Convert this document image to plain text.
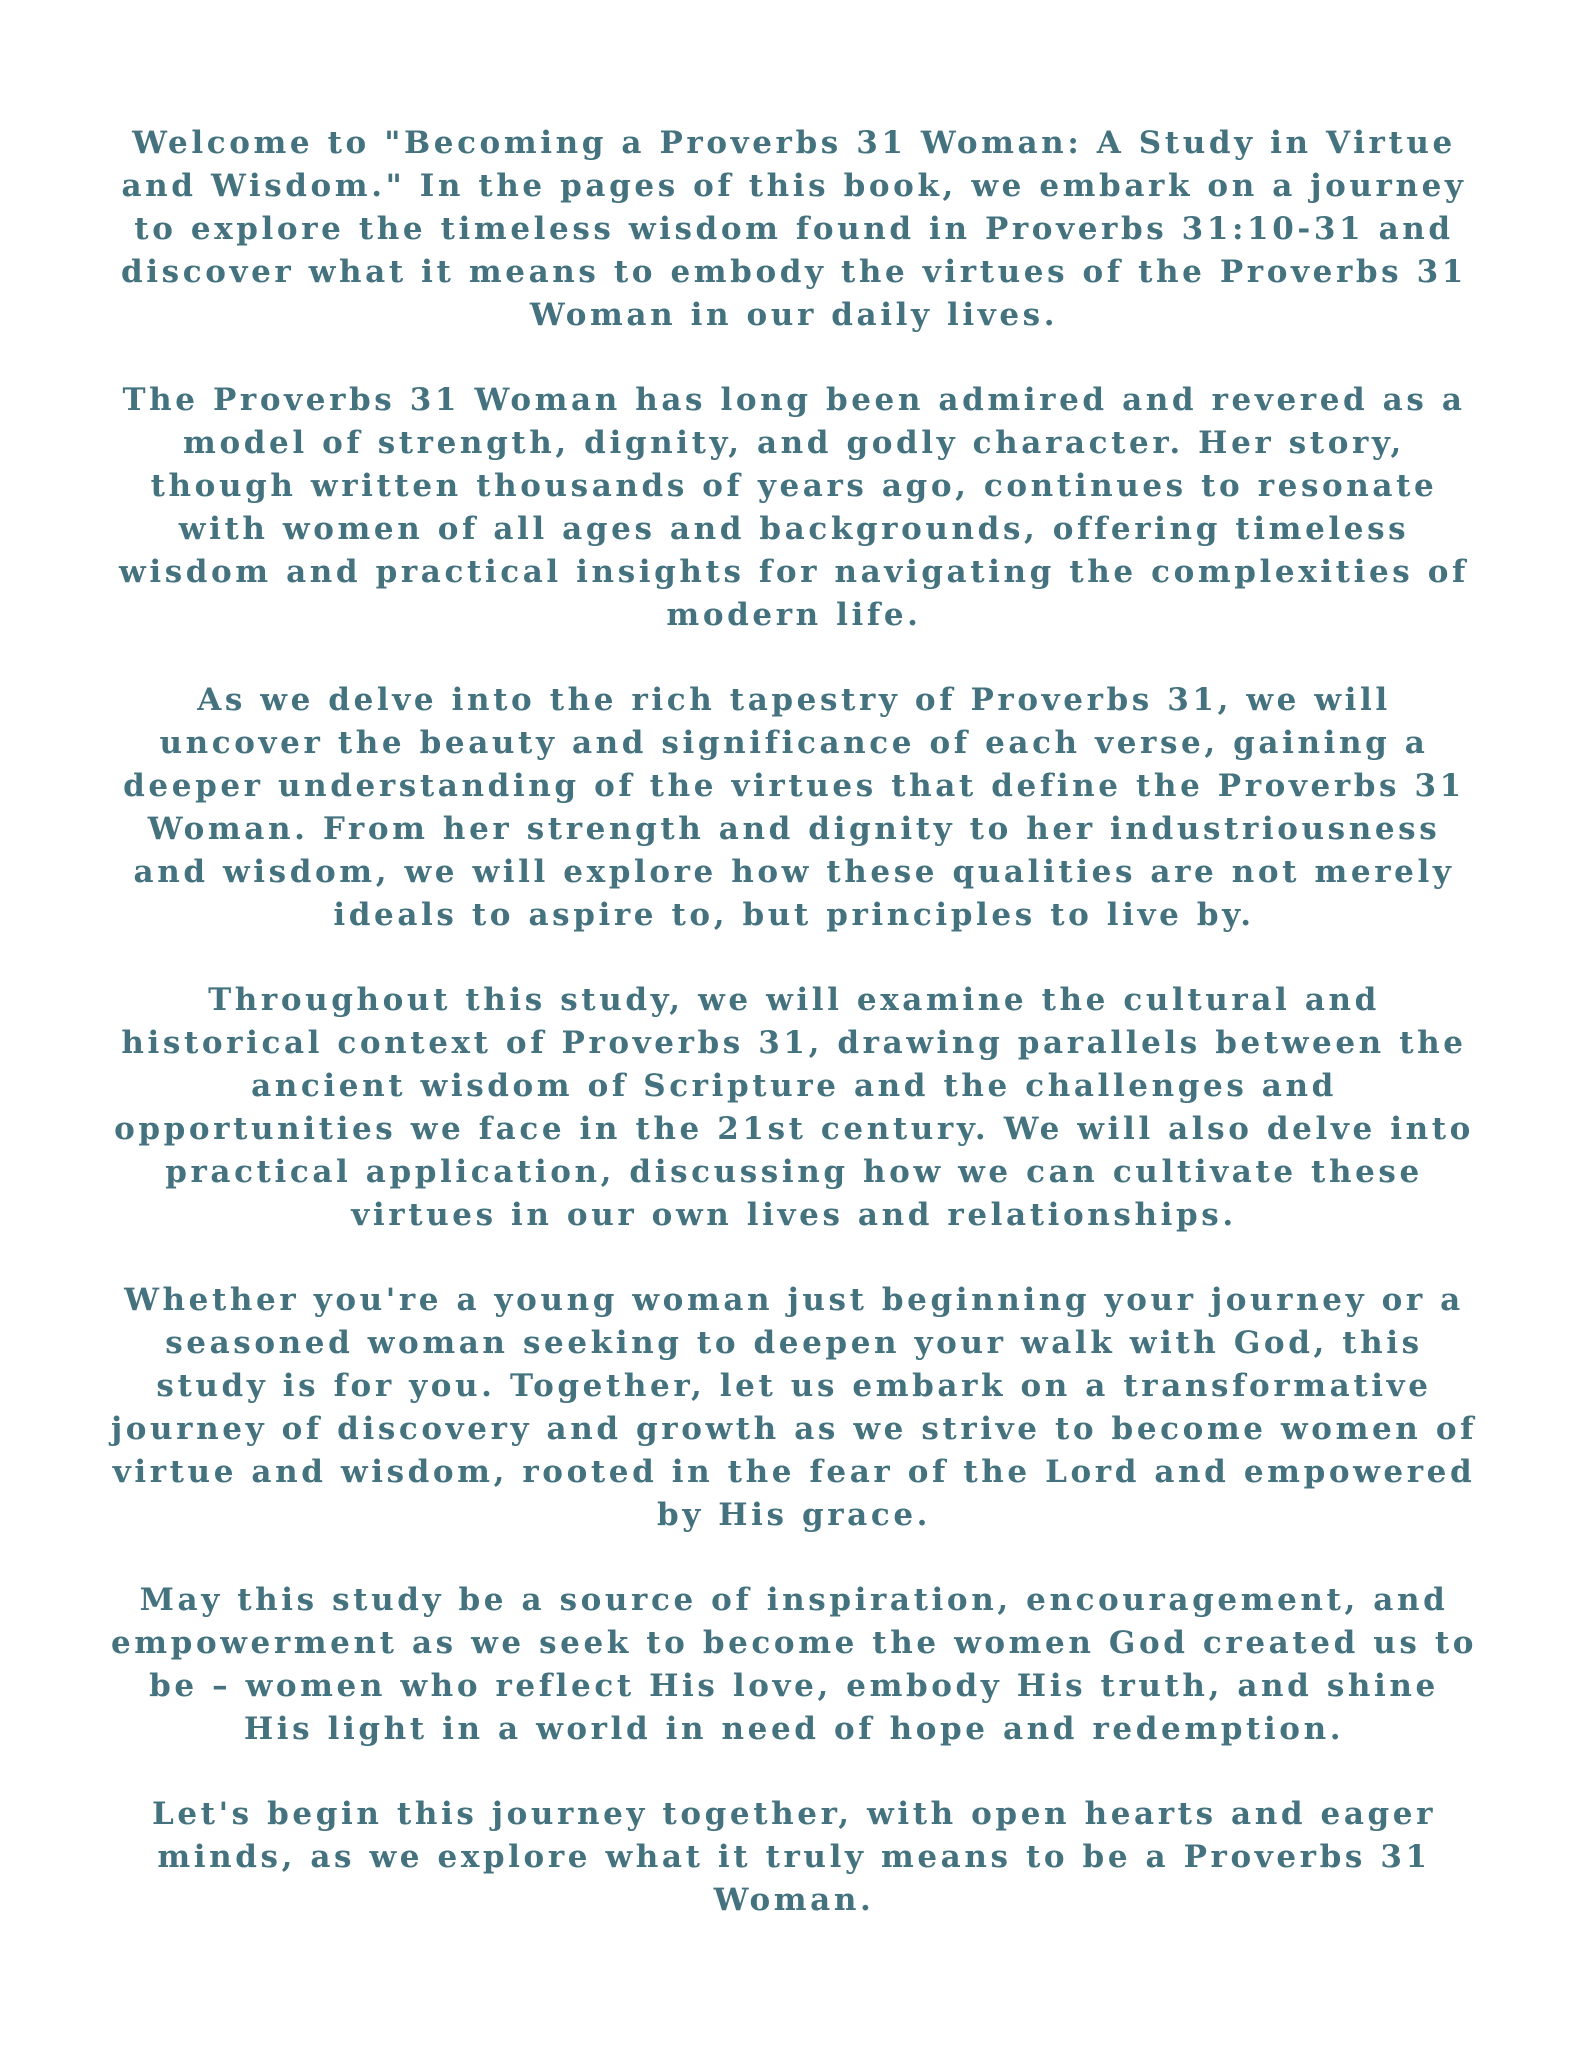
Welcome to "Becoming a Proverbs 31 Woman: A Study in Virtue and Wisdom." In the pages of this book, we embark on a journey to explore the timeless wisdom found in Proverbs 31:10-31 and discover what it means to embody the virtues of the Proverbs 31 Woman in our daily lives.

The Proverbs 31 Woman has long been admired and revered as a model of strength, dignity, and godly character. Her story, though written thousands of years ago, continues to resonate with women of all ages and backgrounds, offering timeless wisdom and practical insights for navigating the complexities of modern life.

As we delve into the rich tapestry of Proverbs 31, we will uncover the beauty and significance of each verse, gaining a deeper understanding of the virtues that define the Proverbs 31 Woman. From her strength and dignity to her industriousness and wisdom, we will explore how these qualities are not merely ideals to aspire to, but principles to live by.

Throughout this study, we will examine the cultural and historical context of Proverbs 31, drawing parallels between the ancient wisdom of Scripture and the challenges and opportunities we face in the 21st century. We will also delve into practical application, discussing how we can cultivate these virtues in our own lives and relationships.

Whether you're a young woman just beginning your journey or a seasoned woman seeking to deepen your walk with God, this study is for you. Together, let us embark on a transformative journey of discovery and growth as we strive to become women of virtue and wisdom, rooted in the fear of the Lord and empowered by His grace.

May this study be a source of inspiration, encouragement, and empowerment as we seek to become the women God created us to be – women who reflect His love, embody His truth, and shine His light in a world in need of hope and redemption.

Let's begin this journey together, with open hearts and eager minds, as we explore what it truly means to be a Proverbs 31 Woman.
